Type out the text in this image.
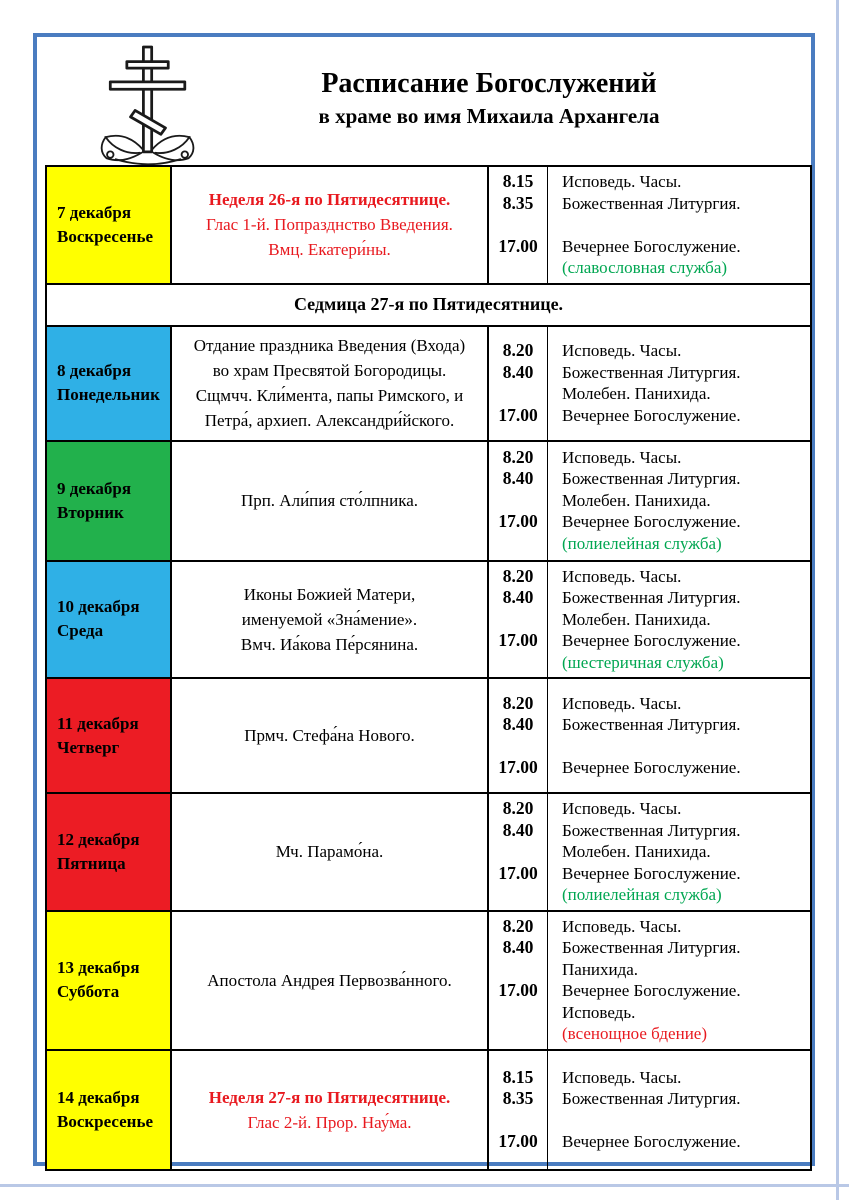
Расписание Богослужений
в храме во имя Михаила Архангела
7 декабря
Воскресенье
Неделя 26-я по Пятидесятнице.
Глас 1-й. Попразднство Введения.
Вмц. Екатери́ны.
8.15
8.35
17.00
Исповедь. Часы.
Божественная Литургия.
Вечернее Богослужение.
(славословная служба)
Седмица 27-я по Пятидесятнице.
8 декабря
Понедельник
Отдание праздника Введения (Входа)
во храм Пресвятой Богородицы.
Сщмчч. Кли́мента, папы Римского, и
Петра́, архиеп. Александри́йского.
8.20
8.40
17.00
Исповедь. Часы.
Божественная Литургия.
Молебен. Панихида.
Вечернее Богослужение.
9 декабря
Вторник
Прп. Али́пия сто́лпника.
8.20
8.40
17.00
Исповедь. Часы.
Божественная Литургия.
Молебен. Панихида.
Вечернее Богослужение.
(полиелейная служба)
10 декабря
Среда
Иконы Божией Матери,
именуемой «Зна́мение».
Вмч. Иа́кова Пе́рсянина.
8.20
8.40
17.00
Исповедь. Часы.
Божественная Литургия.
Молебен. Панихида.
Вечернее Богослужение.
(шестеричная служба)
11 декабря
Четверг
Прмч. Стефа́на Нового.
8.20
8.40
17.00
Исповедь. Часы.
Божественная Литургия.
Вечернее Богослужение.
12 декабря
Пятница
Мч. Парамо́на.
8.20
8.40
17.00
Исповедь. Часы.
Божественная Литургия.
Молебен. Панихида.
Вечернее Богослужение.
(полиелейная служба)
13 декабря
Суббота
Апостола Андрея Первозва́нного.
8.20
8.40
17.00
Исповедь. Часы.
Божественная Литургия.
Панихида.
Вечернее Богослужение.
Исповедь.
(всенощное бдение)
14 декабря
Воскресенье
Неделя 27-я по Пятидесятнице.
Глас 2-й. Прор. Нау́ма.
8.15
8.35
17.00
Исповедь. Часы.
Божественная Литургия.
Вечернее Богослужение.
